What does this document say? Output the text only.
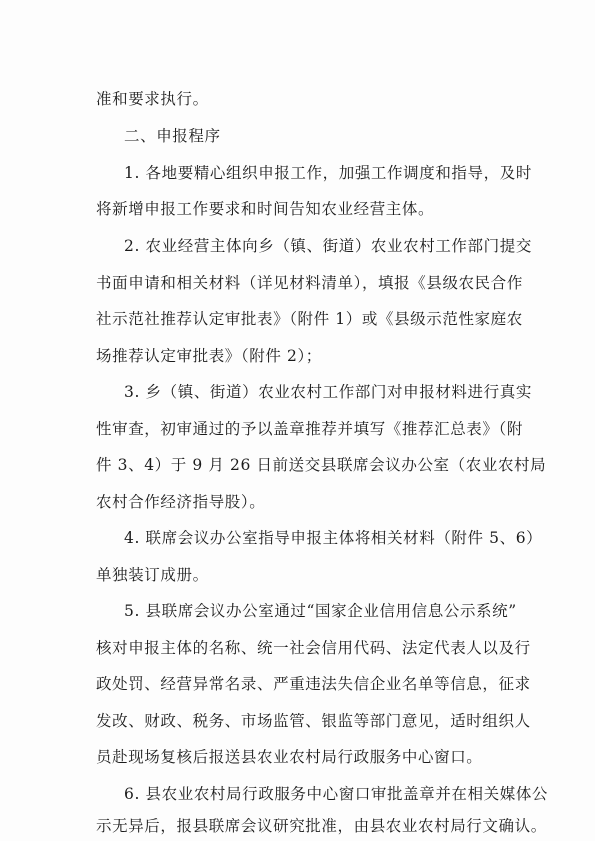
准和要求执行。
二、申报程序
1. 各地要精心组织申报工作，加强工作调度和指导，及时
将新增申报工作要求和时间告知农业经营主体。
2. 农业经营主体向乡（镇、街道）农业农村工作部门提交
书面申请和相关材料（详见材料清单），填报《县级农民合作
社示范社推荐认定审批表》（附件 1）或《县级示范性家庭农
场推荐认定审批表》（附件 2）；
3. 乡（镇、街道）农业农村工作部门对申报材料进行真实
性审查，初审通过的予以盖章推荐并填写《推荐汇总表》（附
件 3、4）于 9 月 26 日前送交县联席会议办公室（农业农村局
农村合作经济指导股）。
4. 联席会议办公室指导申报主体将相关材料（附件 5、6）
单独装订成册。
5. 县联席会议办公室通过“国家企业信用信息公示系统”
核对申报主体的名称、统一社会信用代码、法定代表人以及行
政处罚、经营异常名录、严重违法失信企业名单等信息，征求
发改、财政、税务、市场监管、银监等部门意见，适时组织人
员赴现场复核后报送县农业农村局行政服务中心窗口。
6. 县农业农村局行政服务中心窗口审批盖章并在相关媒体公
示无异后，报县联席会议研究批准，由县农业农村局行文确认。
